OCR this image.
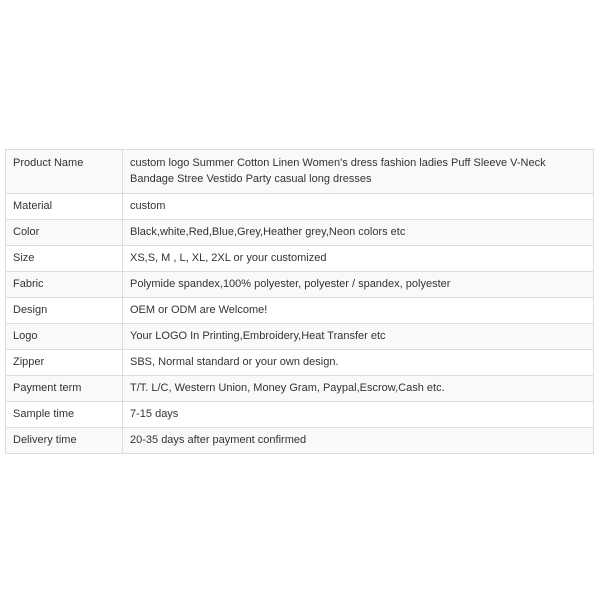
Product Name	custom logo Summer Cotton Linen Women's dress fashion ladies Puff Sleeve V-Neck Bandage Stree Vestido Party casual long dresses
Material	custom
Color	Black,white,Red,Blue,Grey,Heather grey,Neon colors etc
Size	XS,S, M , L, XL, 2XL or your customized
Fabric	Polymide spandex,100% polyester, polyester / spandex, polyester
Design	OEM or ODM are Welcome!
Logo	Your LOGO In Printing,Embroidery,Heat Transfer etc
Zipper	SBS, Normal standard or your own design.
Payment term	T/T. L/C, Western Union, Money Gram, Paypal,Escrow,Cash etc.
Sample time	7-15 days
Delivery time	20-35 days after payment confirmed
